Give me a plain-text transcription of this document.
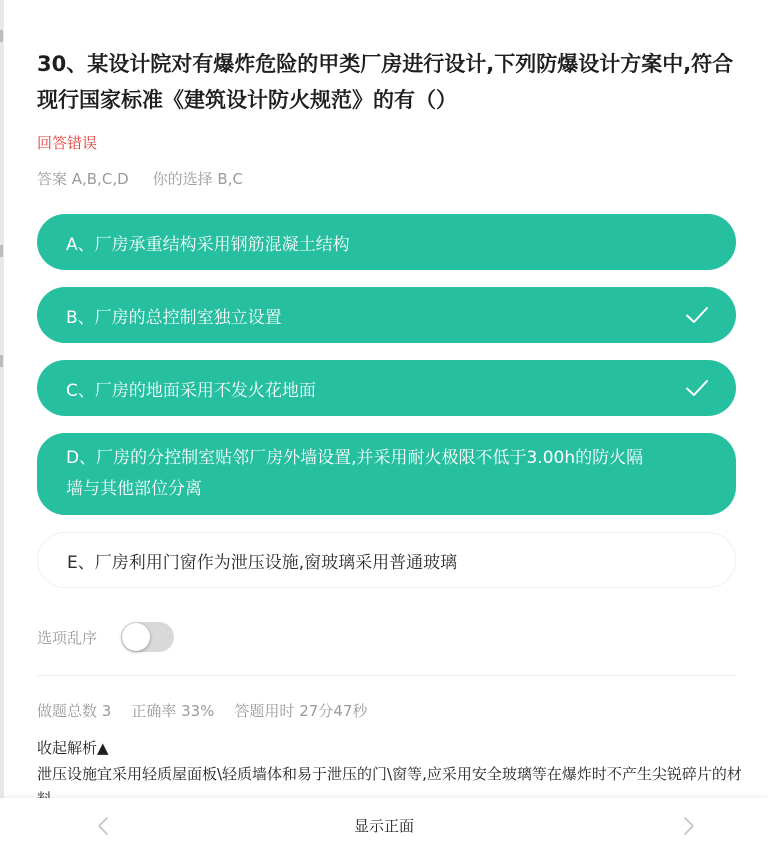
30、某设计院对有爆炸危险的甲类厂房进行设计,下列防爆设计方案中,符合现行国家标准《建筑设计防火规范》的有（）
回答错误
答案 A,B,C,D 你的选择 B,C
A、厂房承重结构采用钢筋混凝土结构
B、厂房的总控制室独立设置
C、厂房的地面采用不发火花地面
D、厂房的分控制室贴邻厂房外墙设置,并采用耐火极限不低于3.00h的防火隔墙与其他部位分离
E、厂房利用门窗作为泄压设施,窗玻璃采用普通玻璃
选项乱序
做题总数 3 正确率 33% 答题用时 27分47秒
收起解析▲
泄压设施宜采用轻质屋面板\轻质墙体和易于泄压的门\窗等,应采用安全玻璃等在爆炸时不产生尖锐碎片的材
显示正面
